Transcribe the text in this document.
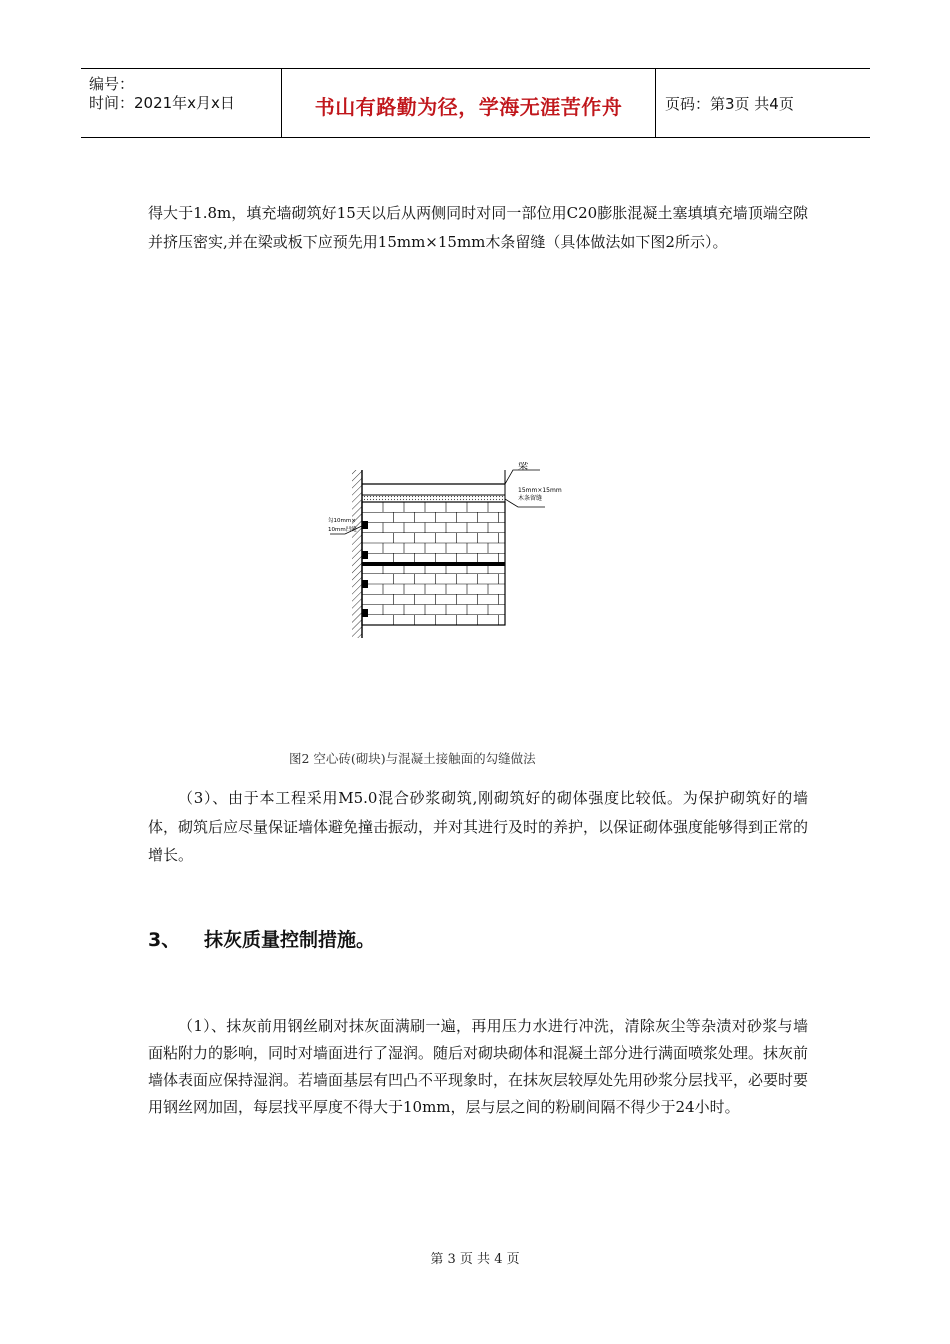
编号：
时间：2021年x月x日	书山有路勤为径，学海无涯苦作舟	页码：第3页 共4页
得大于1.8m，填充墙砌筑好15天以后从两侧同时对同一部位用C20膨胀混凝土塞填填充墙顶端空隙并挤压密实,并在梁或板下应预先用15mm×15mm木条留缝（具体做法如下图2所示）。
梁
15mm×15mm
木条留缝
勾10mm×
10mm凹缝
图2 空心砖(砌块)与混凝土接触面的勾缝做法
（3）、由于本工程采用M5.0混合砂浆砌筑,刚砌筑好的砌体强度比较低。为保护砌筑好的墙体，砌筑后应尽量保证墙体避免撞击振动，并对其进行及时的养护，以保证砌体强度能够得到正常的增长。
3、 抹灰质量控制措施。
（1）、抹灰前用钢丝刷对抹灰面满刷一遍，再用压力水进行冲洗，清除灰尘等杂渍对砂浆与墙面粘附力的影响，同时对墙面进行了湿润。随后对砌块砌体和混凝土部分进行满面喷浆处理。抹灰前墙体表面应保持湿润。若墙面基层有凹凸不平现象时，在抹灰层较厚处先用砂浆分层找平，必要时要用钢丝网加固，每层找平厚度不得大于10mm，层与层之间的粉刷间隔不得少于24小时。
第 3 页 共 4 页
